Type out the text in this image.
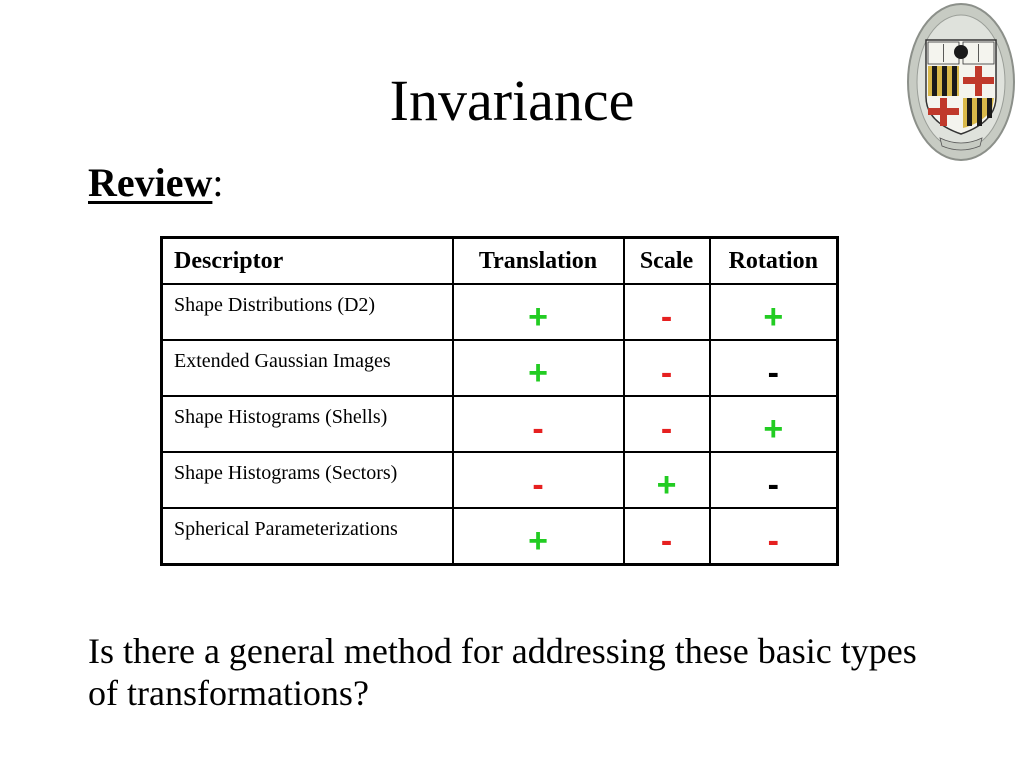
Invariance
Review:
Descriptor	Translation	Scale	Rotation
Shape Distributions (D2)	+	-	+
Extended Gaussian Images	+	-	-
Shape Histograms (Shells)	-	-	+
Shape Histograms (Sectors)	-	+	-
Spherical Parameterizations	+	-	-

Is there a general method for addressing these basic types of transformations?
